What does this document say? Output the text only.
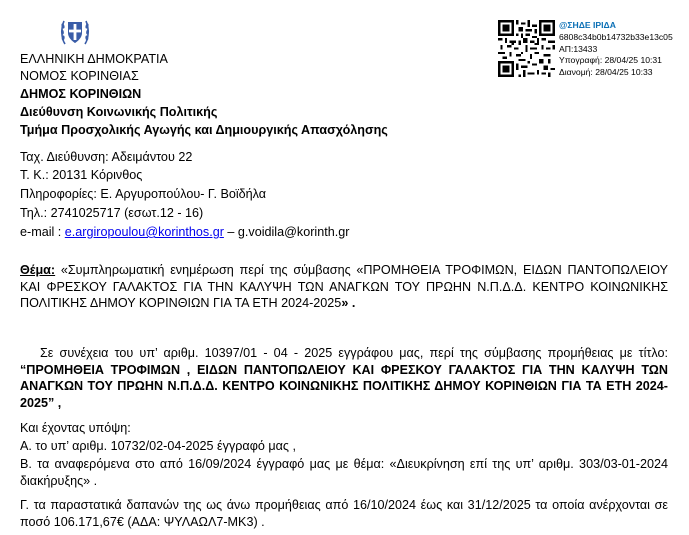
@ΣΗΔΕ ΙΡΙΔΑ
6808c34b0b14732b33e13c05
ΑΠ:13433
Υπογραφή: 28/04/25 10:31
Διανομή: 28/04/25 10:33
ΕΛΛΗΝΙΚΗ ΔΗΜΟΚΡΑΤΙΑ
ΝΟΜΟΣ ΚΟΡΙΝΘΙΑΣ
ΔΗΜΟΣ ΚΟΡΙΝΘΙΩΝ
Διεύθυνση Κοινωνικής Πολιτικής
Τμήμα Προσχολικής Αγωγής και Δημιουργικής Απασχόλησης
Ταχ. Διεύθυνση: Αδειμάντου 22
Τ. Κ.: 20131 Κόρινθος
Πληροφορίες: Ε. Αργυροπούλου- Γ. Βοϊδήλα
Τηλ.: 2741025717 (εσωτ.12 - 16)
e-mail : e.argiropoulou@korinthos.gr – g.voidila@korinth.gr
Θέμα: «Συμπληρωματική ενημέρωση περί της σύμβασης «ΠΡΟΜΗΘΕΙΑ ΤΡΟΦΙΜΩΝ, ΕΙΔΩΝ ΠΑΝΤΟΠΩΛΕΙΟΥ ΚΑΙ ΦΡΕΣΚΟΥ ΓΑΛΑΚΤΟΣ ΓΙΑ ΤΗΝ ΚΑΛΥΨΗ ΤΩΝ ΑΝΑΓΚΩΝ ΤΟΥ ΠΡΩΗΝ Ν.Π.Δ.Δ. ΚΕΝΤΡΟ ΚΟΙΝΩΝΙΚΗΣ ΠΟΛΙΤΙΚΗΣ ΔΗΜΟΥ ΚΟΡΙΝΘΙΩΝ ΓΙΑ ΤΑ ΕΤΗ 2024-2025» .
Σε συνέχεια του υπ’ αριθμ. 10397/01 - 04 - 2025 εγγράφου μας, περί της σύμβασης προμήθειας με τίτλο: “ΠΡΟΜΗΘΕΙΑ ΤΡΟΦΙΜΩΝ , ΕΙΔΩΝ ΠΑΝΤΟΠΩΛΕΙΟΥ ΚΑΙ ΦΡΕΣΚΟΥ ΓΑΛΑΚΤΟΣ ΓΙΑ ΤΗΝ ΚΑΛΥΨΗ ΤΩΝ ΑΝΑΓΚΩΝ ΤΟΥ ΠΡΩΗΝ Ν.Π.Δ.Δ. ΚΕΝΤΡΟ ΚΟΙΝΩΝΙΚΗΣ ΠΟΛΙΤΙΚΗΣ ΔΗΜΟΥ ΚΟΡΙΝΘΙΩΝ ΓΙΑ ΤΑ ΕΤΗ 2024-2025” ,
Και έχοντας υπόψη:
Α. το υπ’ αριθμ. 10732/02-04-2025 έγγραφό μας ,
Β. τα αναφερόμενα στο από 16/09/2024 έγγραφό μας με θέμα: «Διευκρίνηση επί της υπ’ αριθμ. 303/03-01-2024 διακήρυξης» .
Γ. τα παραστατικά δαπανών της ως άνω προμήθειας από 16/10/2024 έως και 31/12/2025 τα οποία ανέρχονται σε ποσό 106.171,67€ (ΑΔΑ: ΨΥΛΑΩΛ7-ΜΚ3) .
